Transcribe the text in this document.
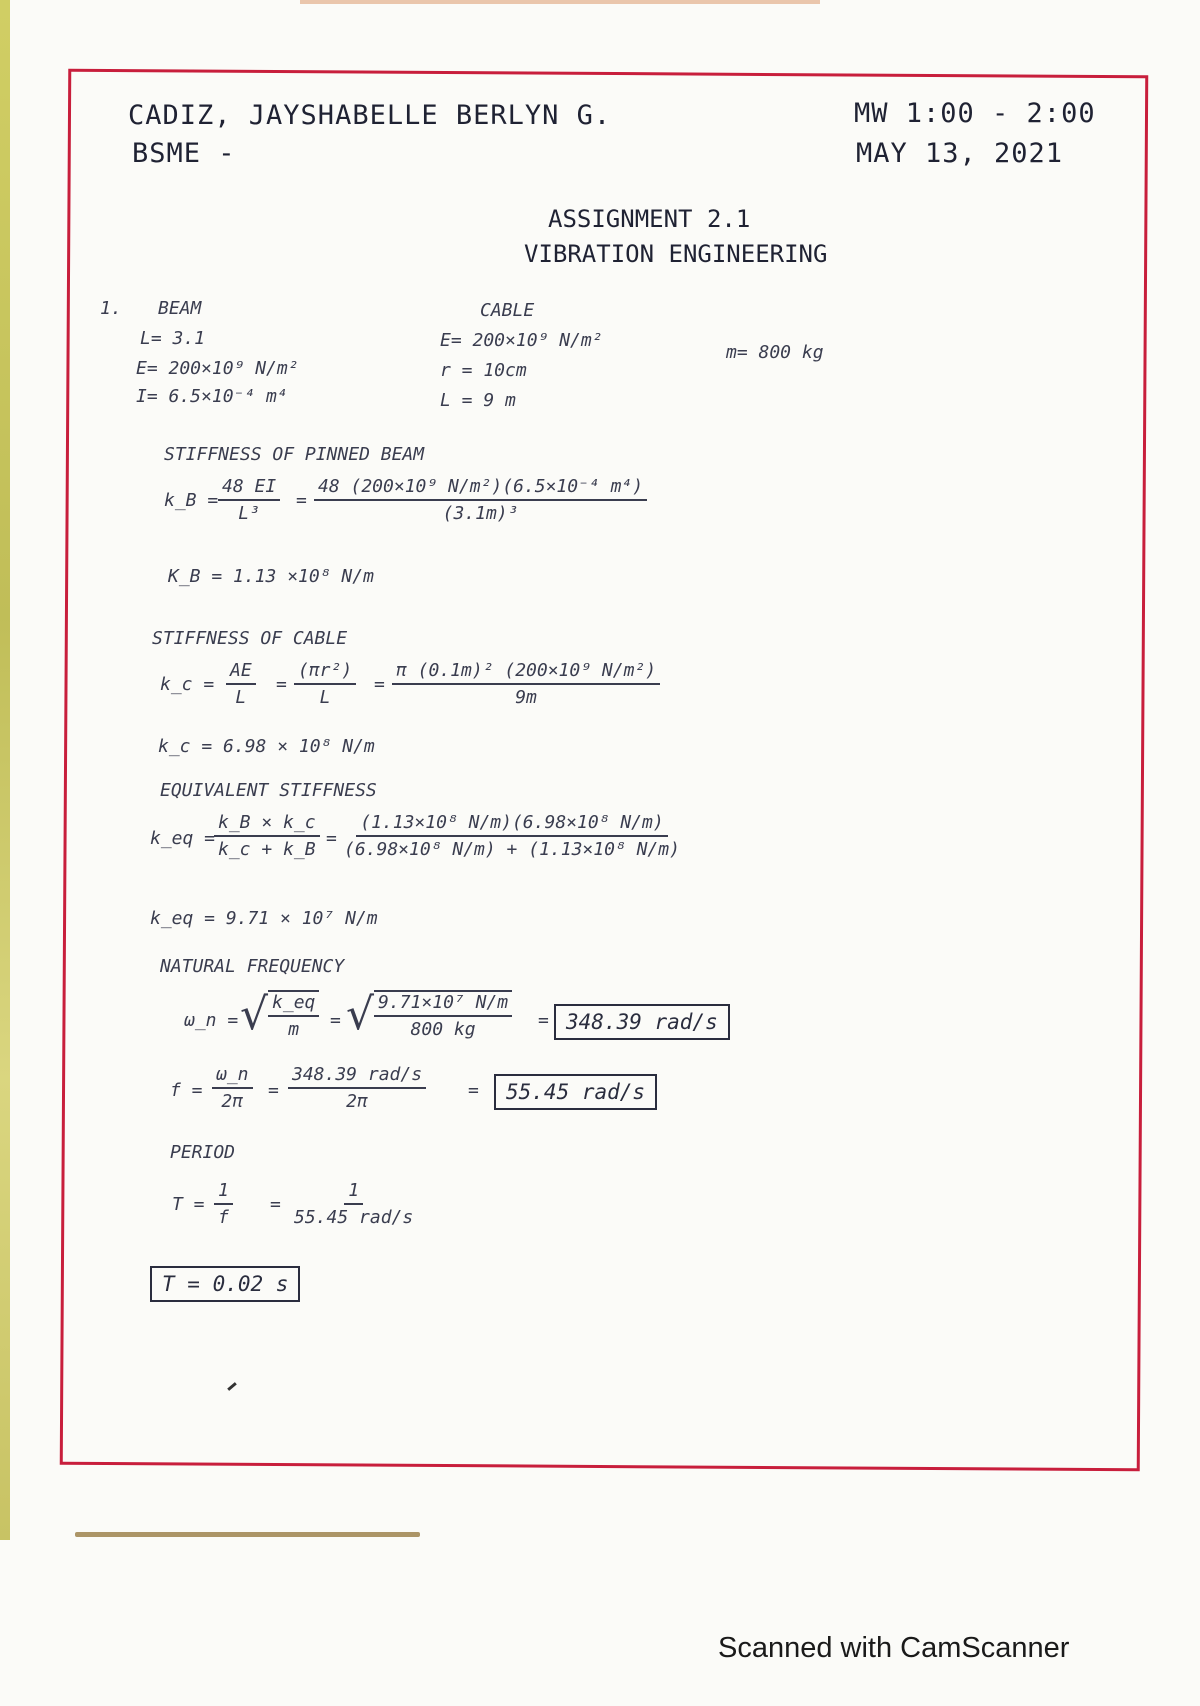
CADIZ, JAYSHABELLE BERLYN G.
BSME -
MW 1:00 - 2:00
MAY 13, 2021
ASSIGNMENT 2.1
VIBRATION ENGINEERING
1. BEAM
L= 3.1
E= 200×10⁹ N/m²
I= 6.5×10⁻⁴ m⁴
CABLE
E= 200×10⁹ N/m²
r = 10cm
L = 9 m
m= 800 kg
STIFFNESS OF PINNED BEAM
k_B = $\frac{48 EI}{\text{L³}} = \frac{\text{48 (200×10⁹ N/m²)(6.5×10⁻⁴ m⁴)}}{\text{(3.1m)³}}$
K_B = 1.13 ×10⁸ N/m
STIFFNESS OF CABLE
k_c = $\frac{AE}{L} = \frac{\text{(πr²)}}{L} = \frac{\text{π (0.1m)² (200×10⁹ N/m²)}}{9m}$
k_c = 6.98 × 10⁸ N/m
EQUIVALENT STIFFNESS
k_eq =
$\frac{k\_B \times k\_c}{k\_c + k\_B} = \frac{\text{(1.13×10⁸ N/m)(6.98×10⁸ N/m)}}{\text{(6.98×10⁸ N/m) + (1.13×10⁸ N/m)}}$
k_eq = 9.71 × 10⁷ N/m
NATURAL FREQUENCY
ω_n = √ $\frac{k\_eq}{m}$ = √ $\frac{\text{9.71×10⁷ N/m}}{800 kg} = 348.39$ rad/s
$f = \frac{\omega\_n}{2\pi}$ =
348.39 rad/s
2π
=	55.45 rad/s
PERIOD
$T = \frac{1}{f}$ =
1
55.45 rad/s
T = 0.02 s
Scanned with CamScanner
